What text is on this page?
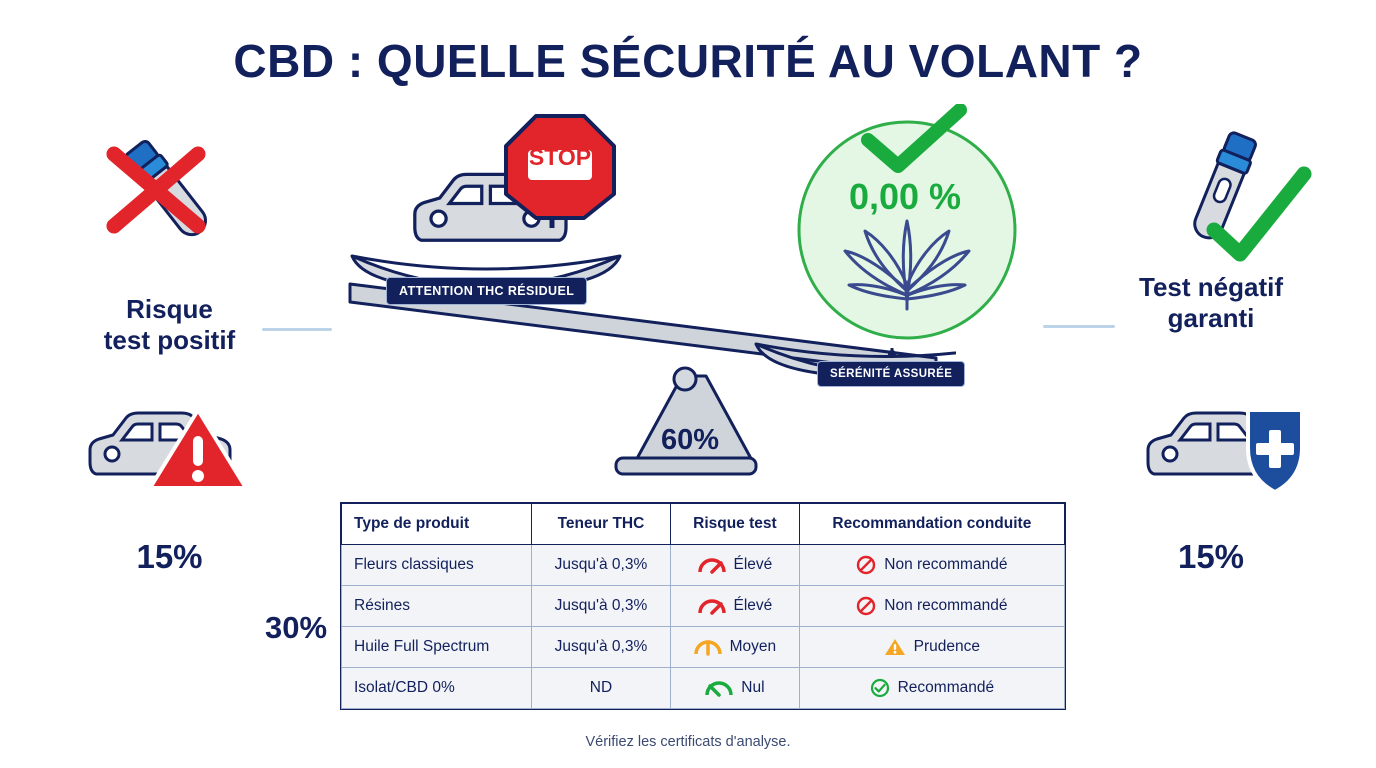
CBD : QUELLE SÉCURITÉ AU VOLANT ?
Risque
test positif
15%
30%
STOP
ATTENTION THC RÉSIDUEL
SÉRÉNITÉ ASSURÉE
60%
0,00 %
Test négatif
garanti
15%
Type de produit	Teneur THC	Risque test	Recommandation conduite
Fleurs classiques	Jusqu'à 0,3%	Élevé	Non recommandé

Résines	Jusqu'à 0,3%	Élevé	Non recommandé

Huile Full Spectrum	Jusqu'à 0,3%	Moyen	Prudence

Isolat/CBD 0%	ND	Nul	Recommandé
Vérifiez les certificats d'analyse.
